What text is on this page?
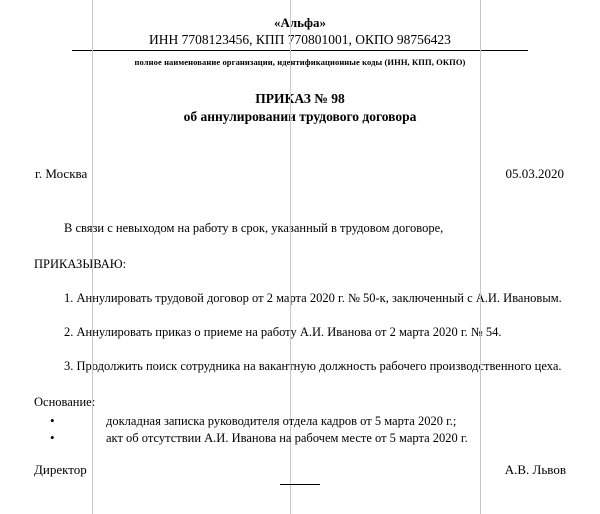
«Альфа»
ИНН 7708123456, КПП 770801001, ОКПО 98756423
полное наименование организации, идентификационные коды (ИНН, КПП, ОКПО)
ПРИКАЗ № 98
об аннулировании трудового договора
г. Москва	05.03.2020
В связи с невыходом на работу в срок, указанный в трудовом договоре,
ПРИКАЗЫВАЮ:
1. Аннулировать трудовой договор от 2 марта 2020 г. № 50-к, заключенный с А.И. Ивановым.
2. Аннулировать приказ о приеме на работу А.И. Иванова от 2 марта 2020 г. № 54.
3. Продолжить поиск сотрудника на вакантную должность рабочего производственного цеха.
Основание:
• докладная записка руководителя отдела кадров от 5 марта 2020 г.;
• акт об отсутствии А.И. Иванова на рабочем месте от 5 марта 2020 г.
Директор	А.В. Львов
